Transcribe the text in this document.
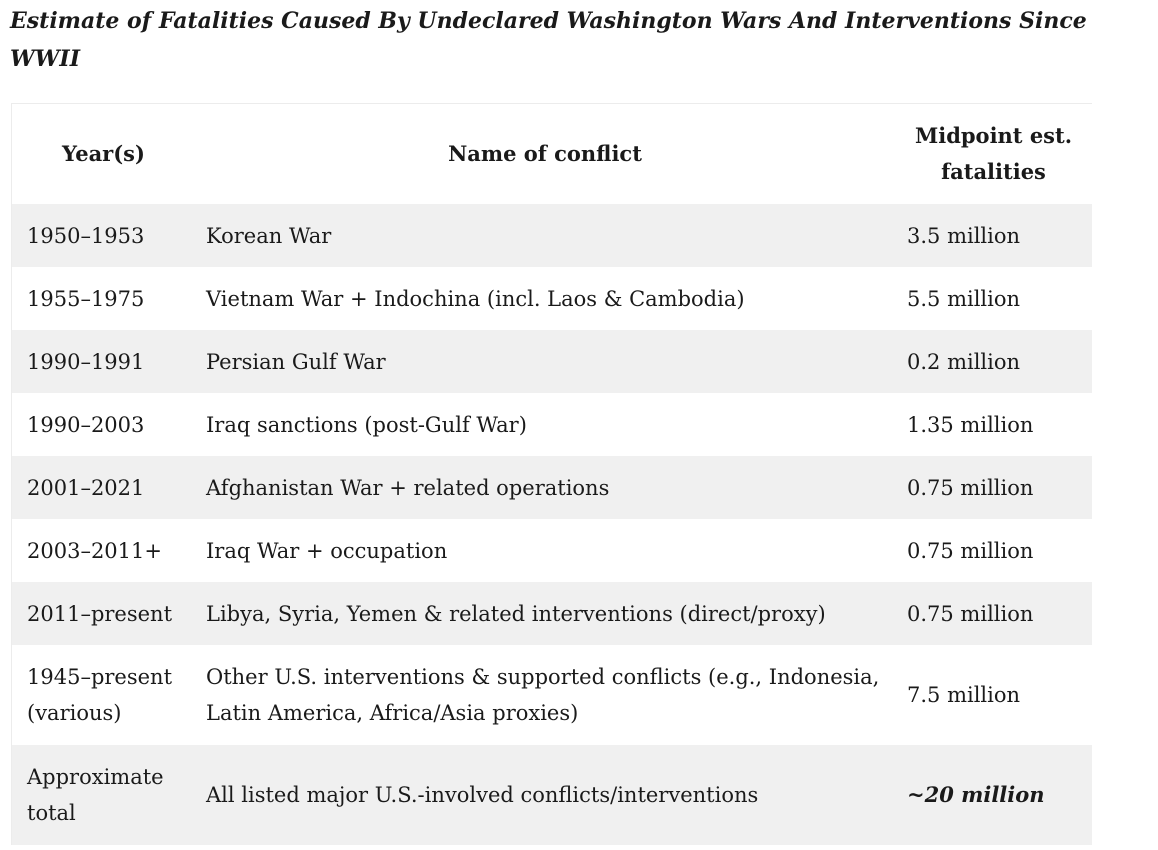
Estimate of Fatalities Caused By Undeclared Washington Wars And Interventions Since WWII
Year(s)	Name of conflict	Midpoint est. fatalities
1950–1953	Korean War	3.5 million
1955–1975	Vietnam War + Indochina (incl. Laos & Cambodia)	5.5 million
1990–1991	Persian Gulf War	0.2 million
1990–2003	Iraq sanctions (post-Gulf War)	1.35 million
2001–2021	Afghanistan War + related operations	0.75 million
2003–2011+	Iraq War + occupation	0.75 million
2011–present	Libya, Syria, Yemen & related interventions (direct/proxy)	0.75 million
1945–present (various)	Other U.S. interventions & supported conflicts (e.g., Indonesia, Latin America, Africa/Asia proxies)	7.5 million
Approximate total	All listed major U.S.-involved conflicts/interventions	~20 million
